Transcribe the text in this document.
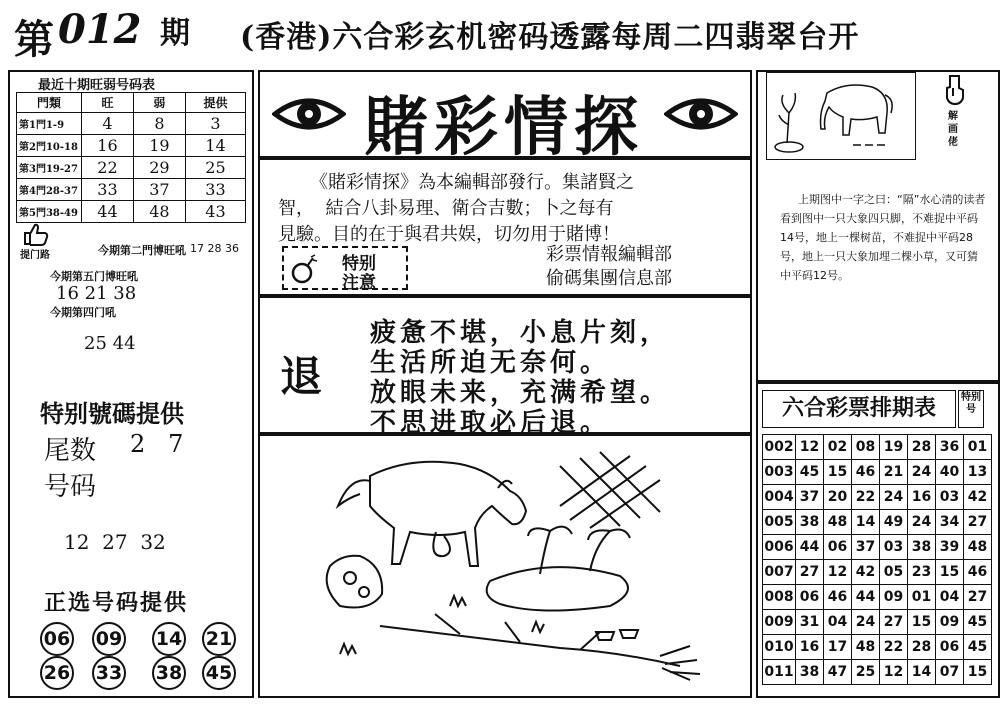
第 012 期 (香港)六合彩玄机密码透露每周二四翡翠台开
最近十期旺弱号码表
門類	旺	弱	提供
第1門1-9	4	8	3
第2門10-18	16	19	14
第3門19-27	22	29	25
第4門28-37	33	37	33
第5門38-49	44	48	43
提门路	今期第二門博旺吼 17 28 36
今期第五门博旺吼
16 21 38
今期第四门吼
25 44
特别號碼提供
尾数 2   7
号码
12  27  32
正选号码提供
06 09 14 21
26 33 38 45
賭彩情探
《賭彩情探》為本編輯部發行。集諸賢之
智，  結合八卦易理、衛合吉數；卜之每有
見驗。目的在于與君共娱，切勿用于賭博！
特别
注意
彩票情報編輯部
偷碼集團信息部
退
疲惫不堪，小息片刻，
生活所迫无奈何。
放眼未来，充满希望。
不思进取必后退。
解画佬
上期图中一字之曰：“隔”水心清的读者看到图中一只大象四只脚，不难捉中平码14号，地上一棵树苗，不难捉中平码28号，地上一只大象加埋二棵小草，又可猜中平码12号。
六合彩票排期表	特别号
002	12	02	08	19	28	36	01
003	45	15	46	21	24	40	13
004	37	20	22	24	16	03	42
005	38	48	14	49	24	34	27
006	44	06	37	03	38	39	48
007	27	12	42	05	23	15	46
008	06	46	44	09	01	04	27
009	31	04	24	27	15	09	45
010	16	17	48	22	28	06	45
011	38	47	25	12	14	07	15
